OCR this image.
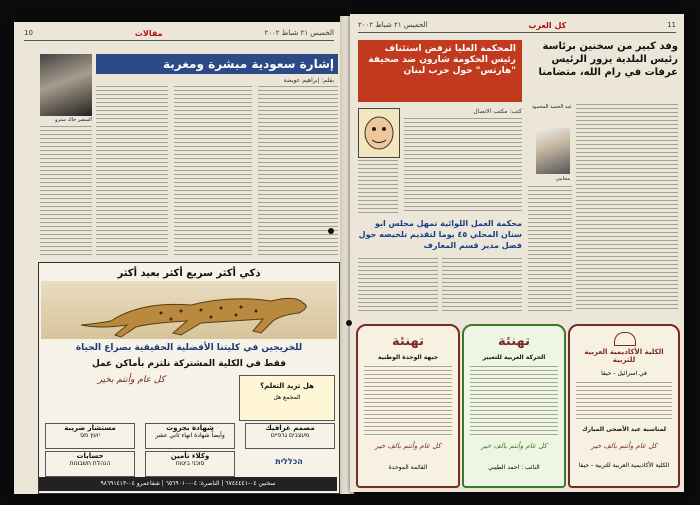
10	مقالات	الخميس ٢١ شباط ٢٠٠٢
السفير جاك سترو
إشارة سعودية مبشرة ومغربة
بقلم: إبراهيم عويضة
ذكي أكثر سريع أكثر بعيد أكثر
للخريجين في كليتنا الأفضلية الحقيقية بصراع الحياة
فقط في الكلية المشتركة نلتزم بأماكن عمل
كل عام وأنتم بخير
هل تريد التعلم؟
المجمع هل
مستشار ضريبة
יועץ מס
شهادة بجروت
وأيضاً شهادة انهاء ثاني عشر
مصمم غرافيك
מעצבים גרפיים
حسابات
הנהלת חשבונות
وكلاء تأمين
סוכני ביטוח	הכללית
سخنين ٠٤-٦٧٤٤٤٤١ | الناصرة: ٠٤-٦٥٦٩٠١٠ | شفاعمرو ٠٤-٩٨٦٩١٤١٣
الخميس ٢١ شباط ٢٠٠٢	كل العرب	11
المحكمة العليا ترفض استئناف رئيس الحكومة شارون ضد صحيفة "هارتس" حول حرب لبنان
وفد كبير من سخنين برئاسة رئيس البلدية يزور الرئيس عرفات في رام الله، متضامنا
كتب: مكتب الاتصال
محامي
عبد الحميد المحمود
محكمة العمل اللوائية تمهل مجلس ابو سنان المحلي ٤٥ يوما لتقديم تلخيصه حول فصل مدير قسم المعارف
تهنئة
جبهة الوحدة الوطنية
كل عام وأنتم بالف خير
القائمة الموحدة
تهنئة
الحركة العربية للتغيير
كل عام وأنتم بالف خير
النائب : احمد الطيبي
الكلية الأكاديمية العربية للتربية
في اسرائيل - حيفا
لمناسبة عيد الأضحى المبارك
كل عام وأنتم بالف خير
الكلية الأكاديمية العربية للتربية - حيفا
